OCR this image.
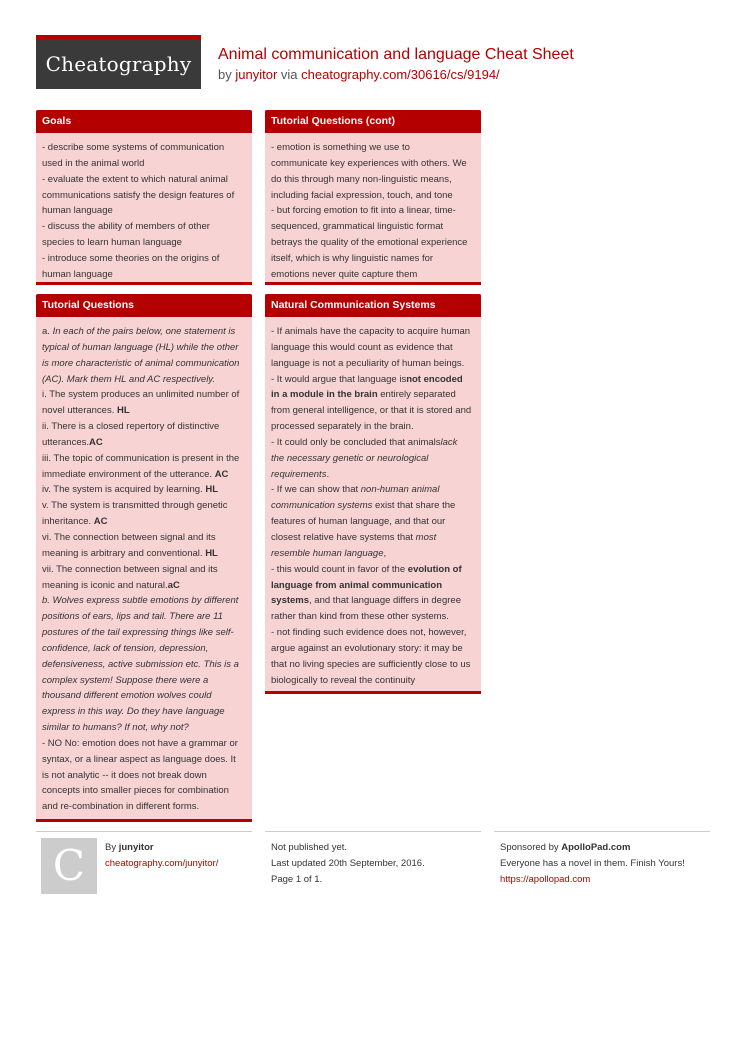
Cheatography Animal communication and language Cheat Sheet
by junyitor via cheatography.com/30616/cs/9194/
Goals
- describe some systems of communication
used in the animal world
- evaluate the extent to which natural animal
communications satisfy the design features of
human language
- discuss the ability of members of other
species to learn human language
- introduce some theories on the origins of
human language
Tutorial Questions
a. In each of the pairs below, one statement is
typical of human language (HL) while the other
is more characteristic of animal communication
(AC). Mark them HL and AC respectively.
i. The system produces an unlimited number of
novel utterances. HL
ii. There is a closed repertory of distinctive
utterances.AC
iii. The topic of communication is present in the
immediate environment of the utterance. AC
iv. The system is acquired by learning. HL
v. The system is transmitted through genetic
inheritance. AC
vi. The connection between signal and its
meaning is arbitrary and conventional. HL
vii. The connection between signal and its
meaning is iconic and natural.aC
b. Wolves express subtle emotions by different
positions of ears, lips and tail. There are 11
postures of the tail expressing things like self-
confidence, lack of tension, depression,
defensiveness, active submission etc. This is a
complex system! Suppose there were a
thousand different emotion wolves could
express in this way. Do they have language
similar to humans? If not, why not?
- NO No: emotion does not have a grammar or
syntax, or a linear aspect as language does. It
is not analytic -- it does not break down
concepts into smaller pieces for combination
and re-combination in different forms.
Tutorial Questions (cont)
- emotion is something we use to
communicate key experiences with others. We
do this through many non-linguistic means,
including facial expression, touch, and tone
- but forcing emotion to fit into a linear, time-
sequenced, grammatical linguistic format
betrays the quality of the emotional experience
itself, which is why linguistic names for
emotions never quite capture them
Natural Communication Systems
- If animals have the capacity to acquire human
language this would count as evidence that
language is not a peculiarity of human beings.
- It would argue that language isnot encoded
in a module in the brain entirely separated
from general intelligence, or that it is stored and
processed separately in the brain.
- It could only be concluded that animalslack
the necessary genetic or neurological
requirements.
- If we can show that non-human animal
communication systems exist that share the
features of human language, and that our
closest relative have systems that most
resemble human language,
- this would count in favor of the evolution of
language from animal communication
systems, and that language differs in degree
rather than kind from these other systems.
- not finding such evidence does not, however,
argue against an evolutionary story: it may be
that no living species are sufficiently close to us
biologically to reveal the continuity
C By junyitor
cheatography.com/junyitor/
Not published yet.
Last updated 20th September, 2016.
Page 1 of 1.
Sponsored by ApolloPad.com
Everyone has a novel in them. Finish Yours!
https://apollopad.com
